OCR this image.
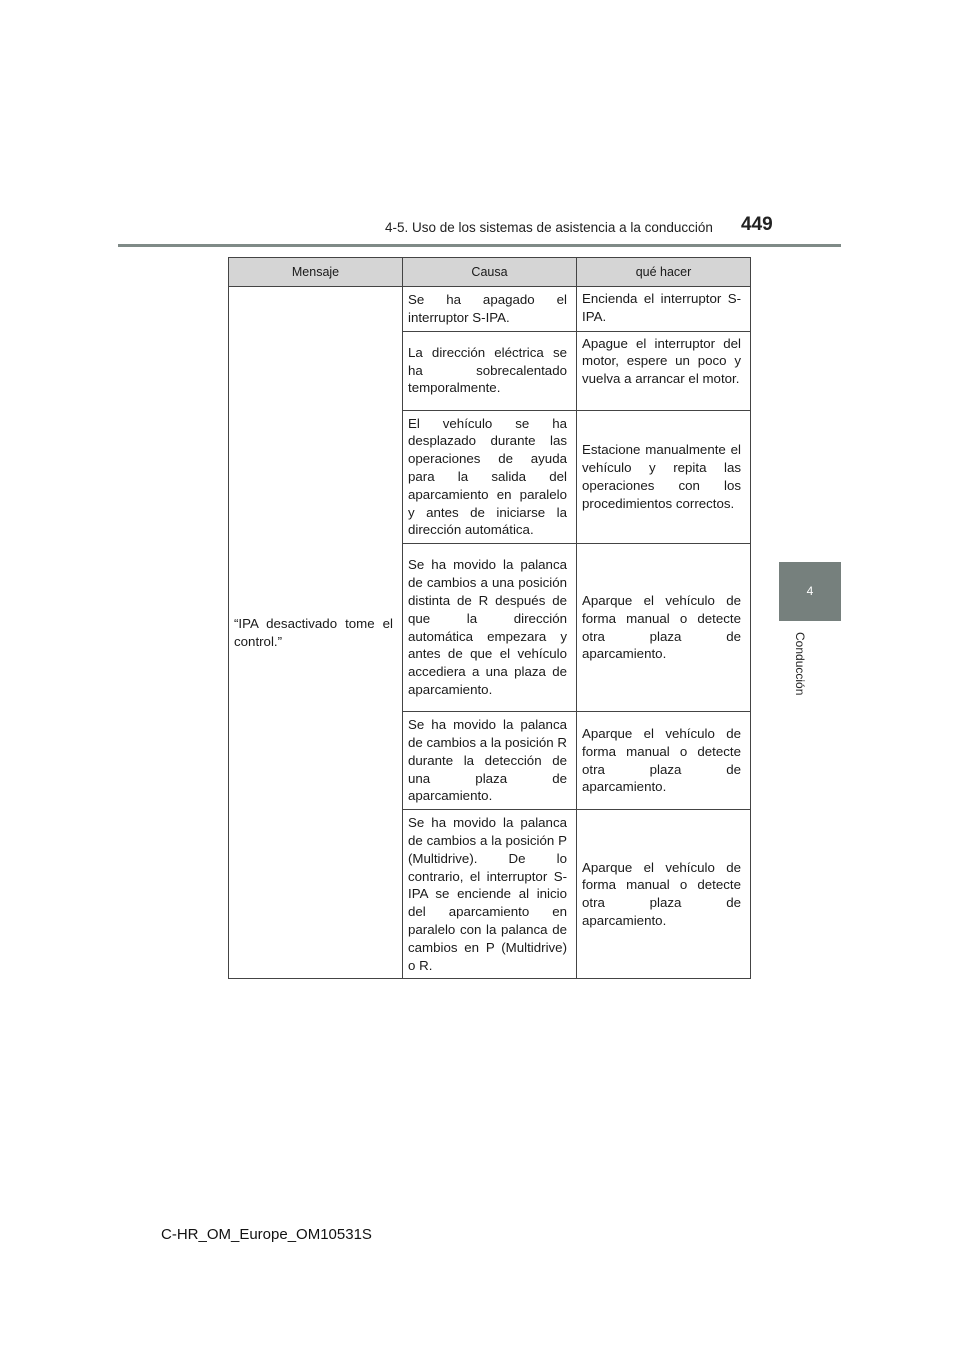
4-5. Uso de los sistemas de asistencia a la conducción 449
4
Conducción
Mensaje	Causa	qué hacer

“IPA desactivado tome el control.”	Se ha apagado el interruptor S-IPA.	Encienda el interruptor S-IPA.

	La dirección eléctrica se ha sobrecalentado temporalmente.	Apague el interruptor del motor, espere un poco y vuelva a arrancar el motor.

	El vehículo se ha desplazado durante las operaciones de ayuda para la salida del aparcamiento en paralelo y antes de iniciarse la dirección automática.	Estacione manualmente el vehículo y repita las operaciones con los procedimientos correctos.

	Se ha movido la palanca de cambios a una posición distinta de R después de que la dirección automática empezara y antes de que el vehículo accediera a una plaza de aparcamiento.	Aparque el vehículo de forma manual o detecte otra plaza de aparcamiento.

	Se ha movido la palanca de cambios a la posición R durante la detección de una plaza de aparcamiento.	Aparque el vehículo de forma manual o detecte otra plaza de aparcamiento.

	Se ha movido la palanca de cambios a la posición P (Multidrive). De lo contrario, el interruptor S-IPA se enciende al inicio del aparcamiento en paralelo con la palanca de cambios en P (Multidrive) o R.	Aparque el vehículo de forma manual o detecte otra plaza de aparcamiento.
C-HR_OM_Europe_OM10531S
